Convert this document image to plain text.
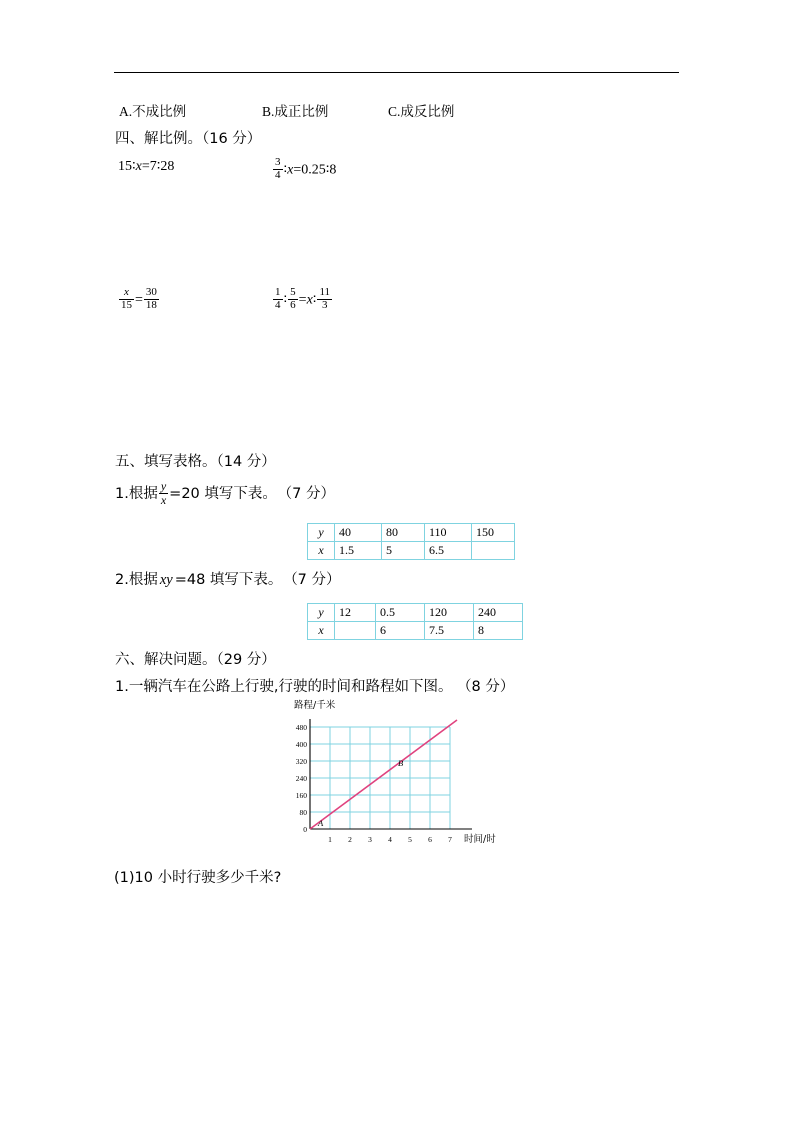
A.不成比例	B.成正比例	C.成反比例
四、解比例。（16 分）
15∶x=7∶28	$\frac{3}{4}$ ∶x=0.25∶8
$\frac{x}{15} = \frac{30}{18}$	$\frac{1}{4}$ ∶ $\frac{5}{6}$ =x∶ $\frac{11}{3}$
五、填写表格。（14 分）
1.根据 $\frac{y}{x} =20$ 填写下表。 （7 分）
y	40	80	110	150
x	1.5	5	6.5	
2.根据 xy =48 填写下表。 （7 分）
y	12	0.5	120	240
x		6	7.5	8
六、解决问题。（29 分）
1.一辆汽车在公路上行驶,行驶的时间和路程如下图。 （8 分）
480
400
320
240
160
80
0
1 2 3 4 5 6 7
A
B
路程/千米
时间/时
(1)10 小时行驶多少千米?
